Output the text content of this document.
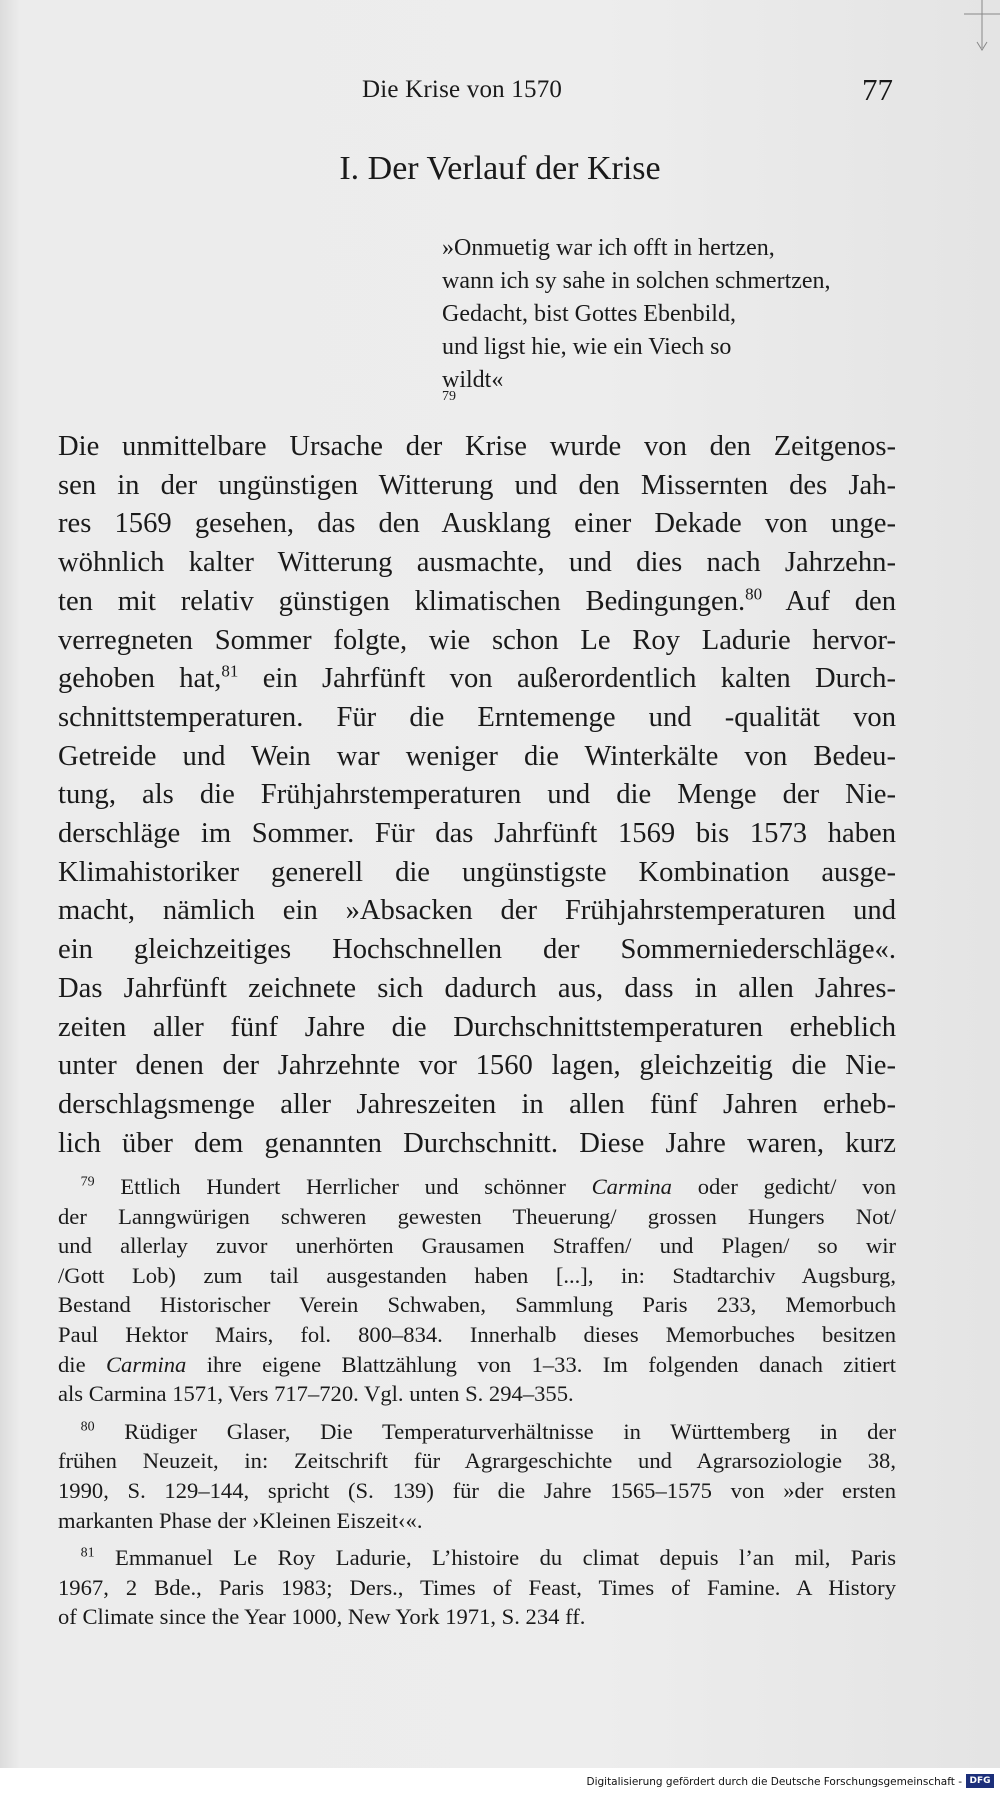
Die Krise von 1570	77
I. Der Verlauf der Krise
»Onmuetig war ich offt in hertzen,
wann ich sy sahe in solchen schmertzen,
Gedacht, bist Gottes Ebenbild,
und ligst hie, wie ein Viech so
wildt«
79
Die unmittelbare Ursache der Krise wurde von den Zeitgenos-
sen in der ungünstigen Witterung und den Missernten des Jah-
res 1569 gesehen, das den Ausklang einer Dekade von unge-
wöhnlich kalter Witterung ausmachte, und dies nach Jahrzehn-
ten mit relativ günstigen klimatischen Bedingungen.$^{80}$ Auf den
verregneten Sommer folgte, wie schon Le Roy Ladurie hervor-
gehoben hat,$^{81}$ ein Jahrfünft von außerordentlich kalten Durch-
schnittstemperaturen. Für die Erntemenge und -qualität von
Getreide und Wein war weniger die Winterkälte von Bedeu-
tung, als die Frühjahrstemperaturen und die Menge der Nie-
derschläge im Sommer. Für das Jahrfünft 1569 bis 1573 haben
Klimahistoriker generell die ungünstigste Kombination ausge-
macht, nämlich ein »Absacken der Frühjahrstemperaturen und
ein gleichzeitiges Hochschnellen der Sommerniederschläge«.
Das Jahrfünft zeichnete sich dadurch aus, dass in allen Jahres-
zeiten aller fünf Jahre die Durchschnittstemperaturen erheblich
unter denen der Jahrzehnte vor 1560 lagen, gleichzeitig die Nie-
derschlagsmenge aller Jahreszeiten in allen fünf Jahren erheb-
lich über dem genannten Durchschnitt. Diese Jahre waren, kurz
 $^{79}$ Ettlich Hundert Herrlicher und schönner Carmina oder gedicht/ von
der Lanngwürigen schweren gewesten Theuerung/ grossen Hungers Not/
und allerlay zuvor unerhörten Grausamen Straffen/ und Plagen/ so wir
/Gott Lob) zum tail ausgestanden haben [...], in: Stadtarchiv Augsburg,
Bestand Historischer Verein Schwaben, Sammlung Paris 233, Memorbuch
Paul Hektor Mairs, fol. 800–834. Innerhalb dieses Memorbuches besitzen
die Carmina ihre eigene Blattzählung von 1–33. Im folgenden danach zitiert
als Carmina 1571, Vers 717–720. Vgl. unten S. 294–355.
 $^{80}$ Rüdiger Glaser, Die Temperaturverhältnisse in Württemberg in der
frühen Neuzeit, in: Zeitschrift für Agrargeschichte und Agrarsoziologie 38,
1990, S. 129–144, spricht (S. 139) für die Jahre 1565–1575 von »der ersten
markanten Phase der ›Kleinen Eiszeit‹«.
 $^{81}$ Emmanuel Le Roy Ladurie, L’histoire du climat depuis l’an mil, Paris
1967, 2 Bde., Paris 1983; Ders., Times of Feast, Times of Famine. A History
of Climate since the Year 1000, New York 1971, S. 234 ff.
Digitalisierung gefördert durch die Deutsche Forschungsgemeinschaft - DFG
